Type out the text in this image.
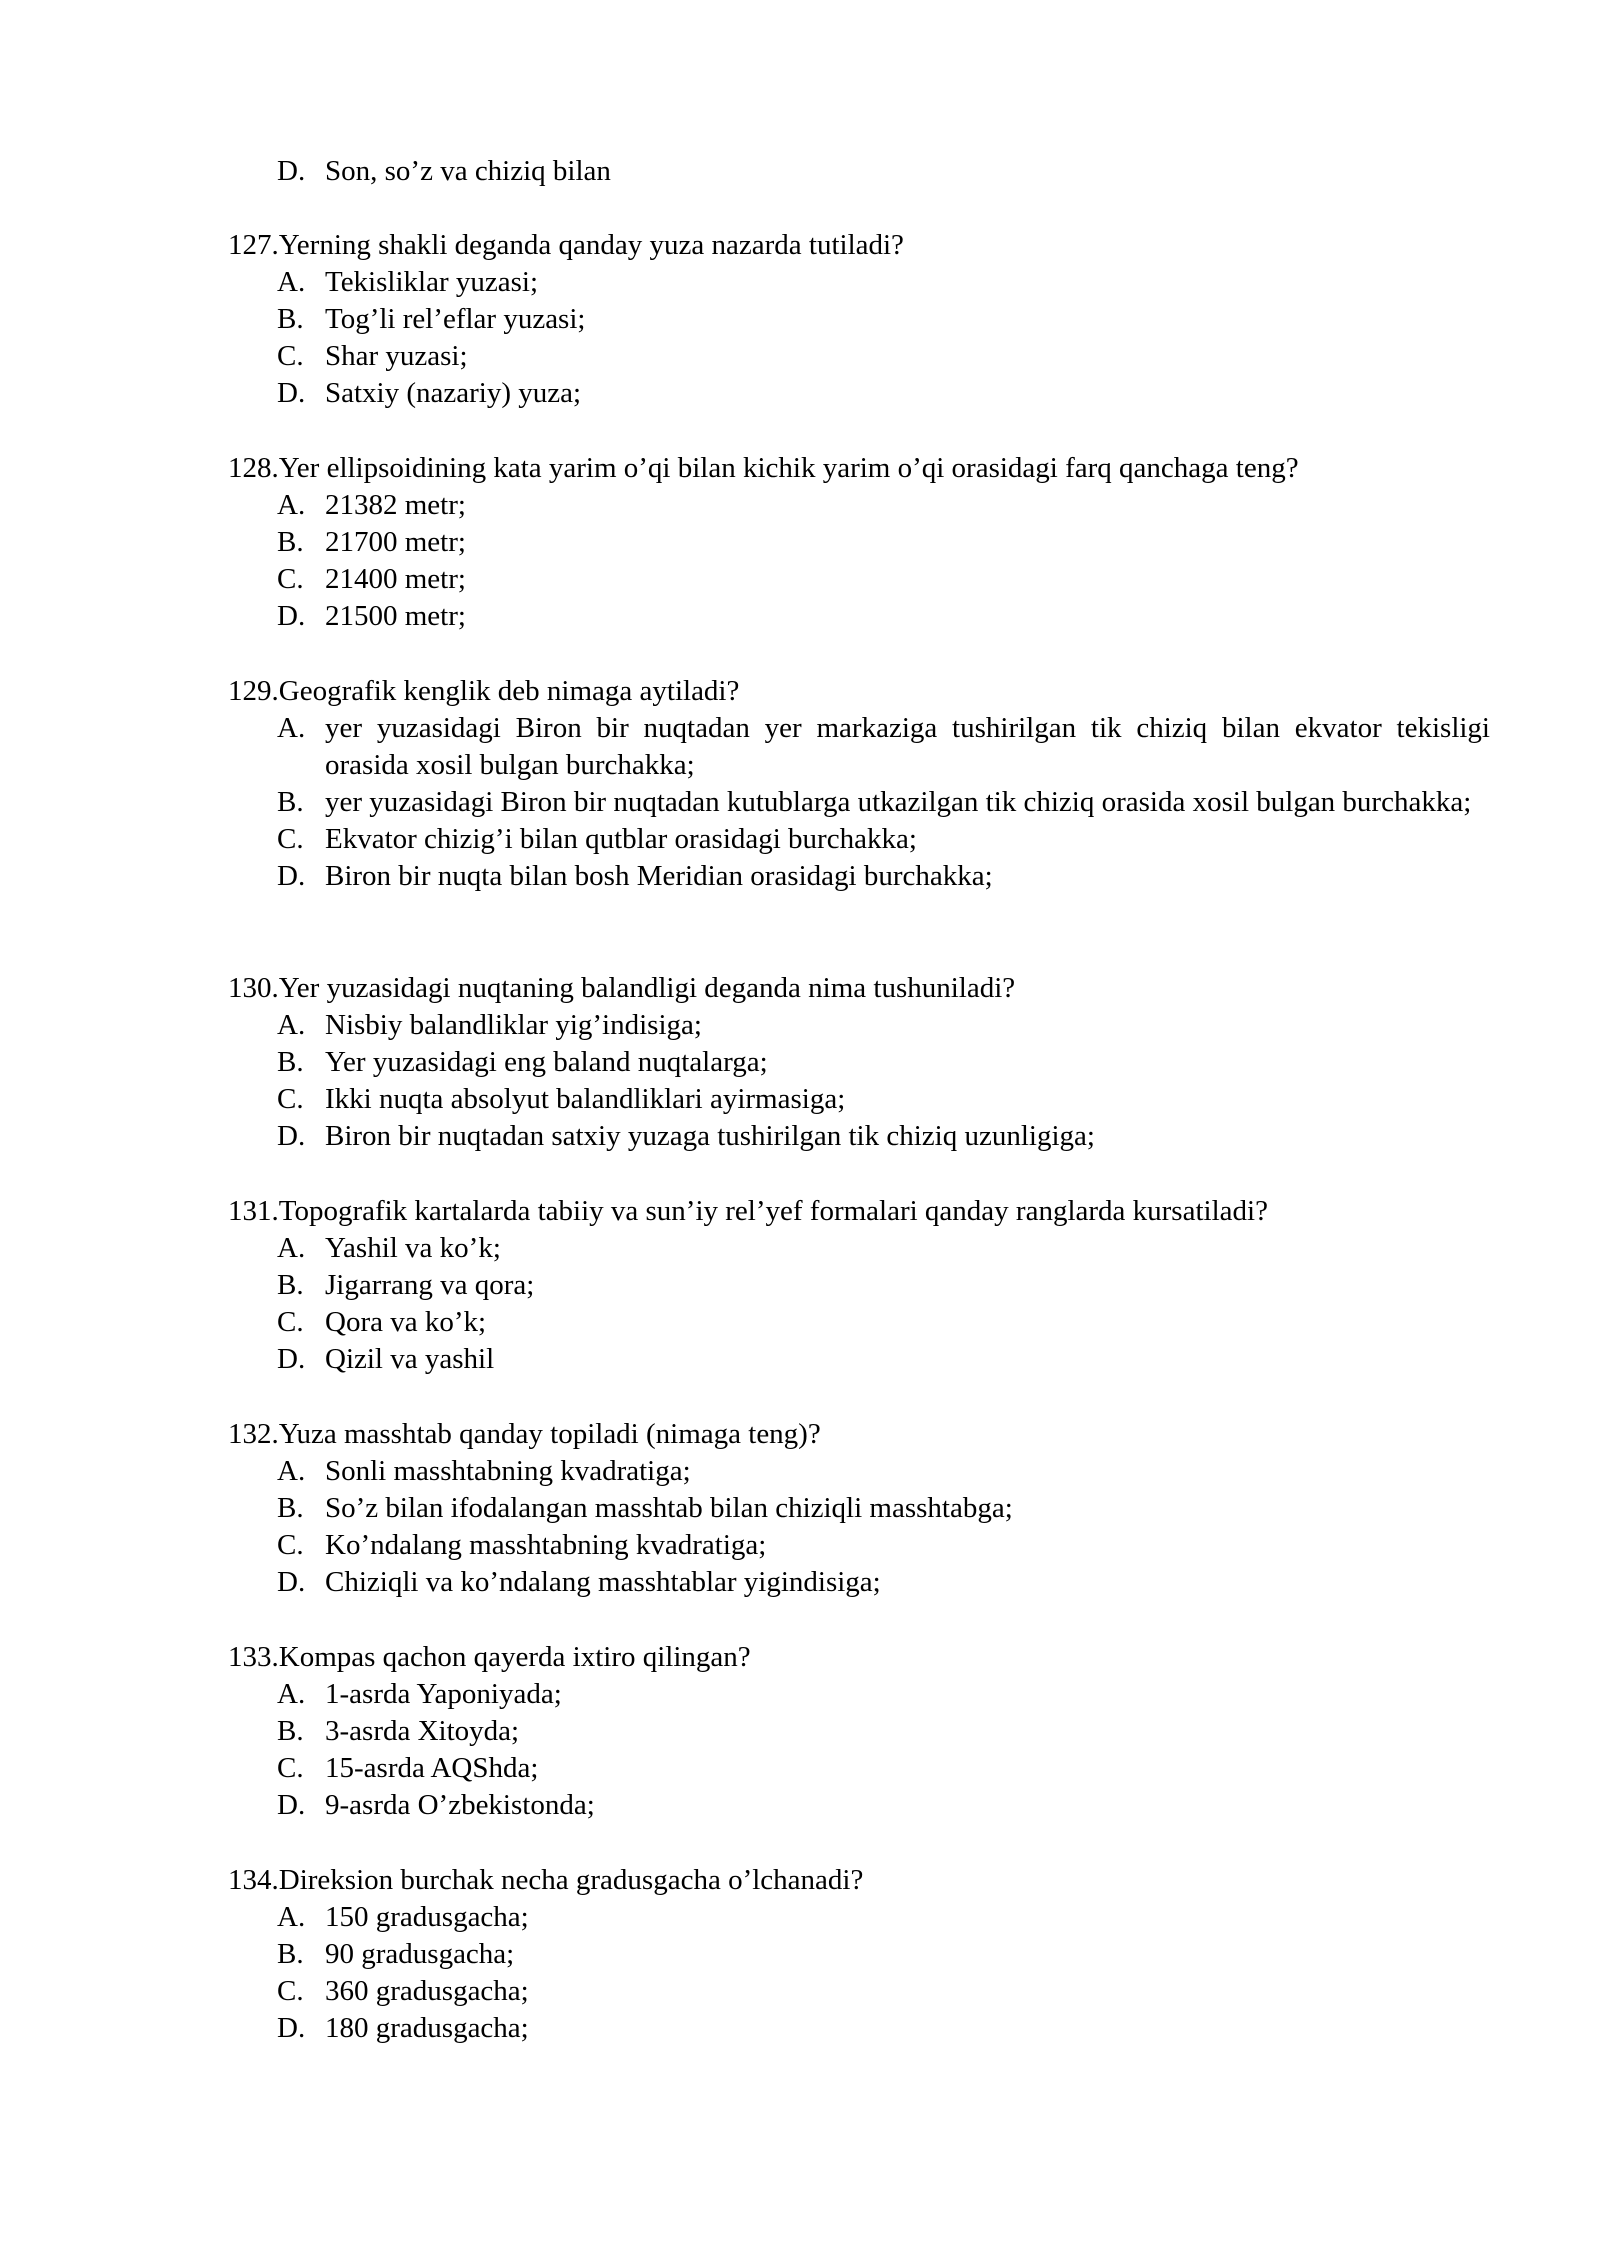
D. Son, so’z va chiziq bilan
127.Yerning shakli deganda qanday yuza nazarda tutiladi?
A. Tekisliklar yuzasi;
B. Tog’li rel’eflar yuzasi;
C. Shar yuzasi;
D. Satxiy (nazariy) yuza;
128.Yer ellipsoidining kata yarim o’qi bilan kichik yarim o’qi orasidagi farq qanchaga teng?
A. 21382 metr;
B. 21700 metr;
C. 21400 metr;
D. 21500 metr;
129.Geografik kenglik deb nimaga aytiladi?
A. yer yuzasidagi Biron bir nuqtadan yer markaziga tushirilgan tik chiziq bilan ekvator tekisligi orasida xosil bulgan burchakka;
B. yer yuzasidagi Biron bir nuqtadan kutublarga utkazilgan tik chiziq orasida xosil bulgan burchakka;
C. Ekvator chizig’i bilan qutblar orasidagi burchakka;
D. Biron bir nuqta bilan bosh Meridian orasidagi burchakka;
130.Yer yuzasidagi nuqtaning balandligi deganda nima tushuniladi?
A. Nisbiy balandliklar yig’indisiga;
B. Yer yuzasidagi eng baland nuqtalarga;
C. Ikki nuqta absolyut balandliklari ayirmasiga;
D. Biron bir nuqtadan satxiy yuzaga tushirilgan tik chiziq uzunligiga;
131.Topografik kartalarda tabiiy va sun’iy rel’yef formalari qanday ranglarda kursatiladi?
A. Yashil va ko’k;
B. Jigarrang va qora;
C. Qora va ko’k;
D. Qizil va yashil
132.Yuza masshtab qanday topiladi (nimaga teng)?
A. Sonli masshtabning kvadratiga;
B. So’z bilan ifodalangan masshtab bilan chiziqli masshtabga;
C. Ko’ndalang masshtabning kvadratiga;
D. Chiziqli va ko’ndalang masshtablar yigindisiga;
133.Kompas qachon qayerda ixtiro qilingan?
A. 1-asrda Yaponiyada;
B. 3-asrda Xitoyda;
C. 15-asrda AQShda;
D. 9-asrda O’zbekistonda;
134.Direksion burchak necha gradusgacha o’lchanadi?
A. 150 gradusgacha;
B. 90 gradusgacha;
C. 360 gradusgacha;
D. 180 gradusgacha;
